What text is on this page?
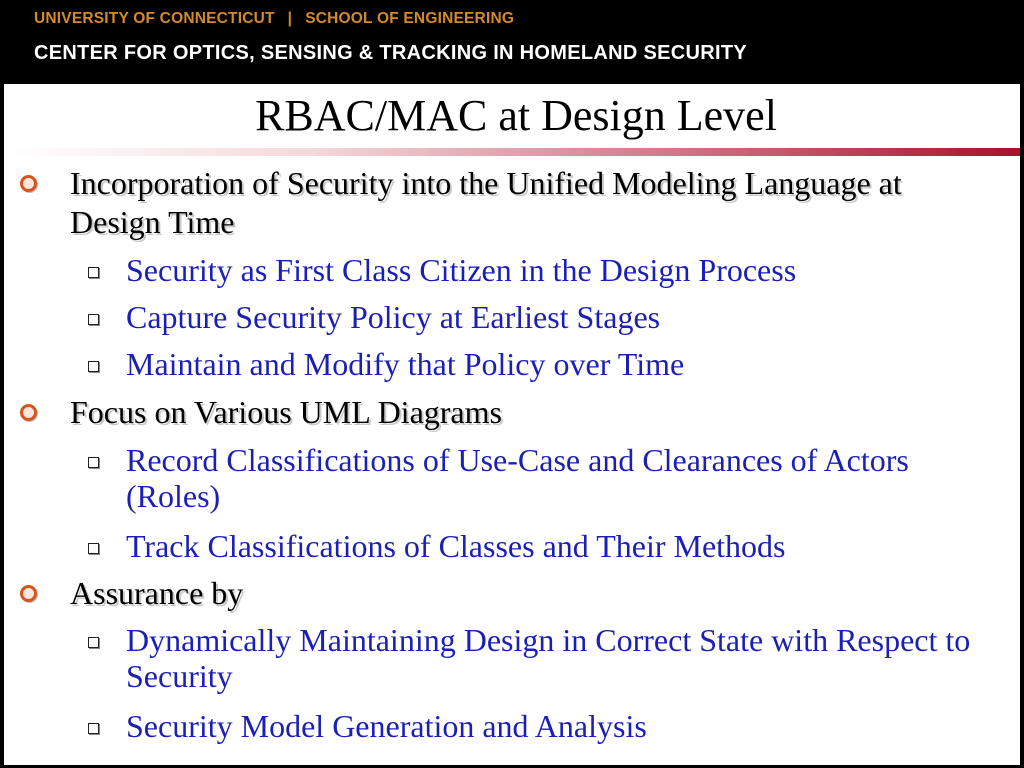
UNIVERSITY OF CONNECTICUT | SCHOOL OF ENGINEERING
CENTER FOR OPTICS, SENSING & TRACKING IN HOMELAND SECURITY
RBAC/MAC at Design Level
Incorporation of Security into the Unified Modeling Language at Design Time
Security as First Class Citizen in the Design Process
Capture Security Policy at Earliest Stages
Maintain and Modify that Policy over Time
Focus on Various UML Diagrams
Record Classifications of Use-Case and Clearances of Actors (Roles)
Track Classifications of Classes and Their Methods
Assurance by
Dynamically Maintaining Design in Correct State with Respect to Security
Security Model Generation and Analysis
